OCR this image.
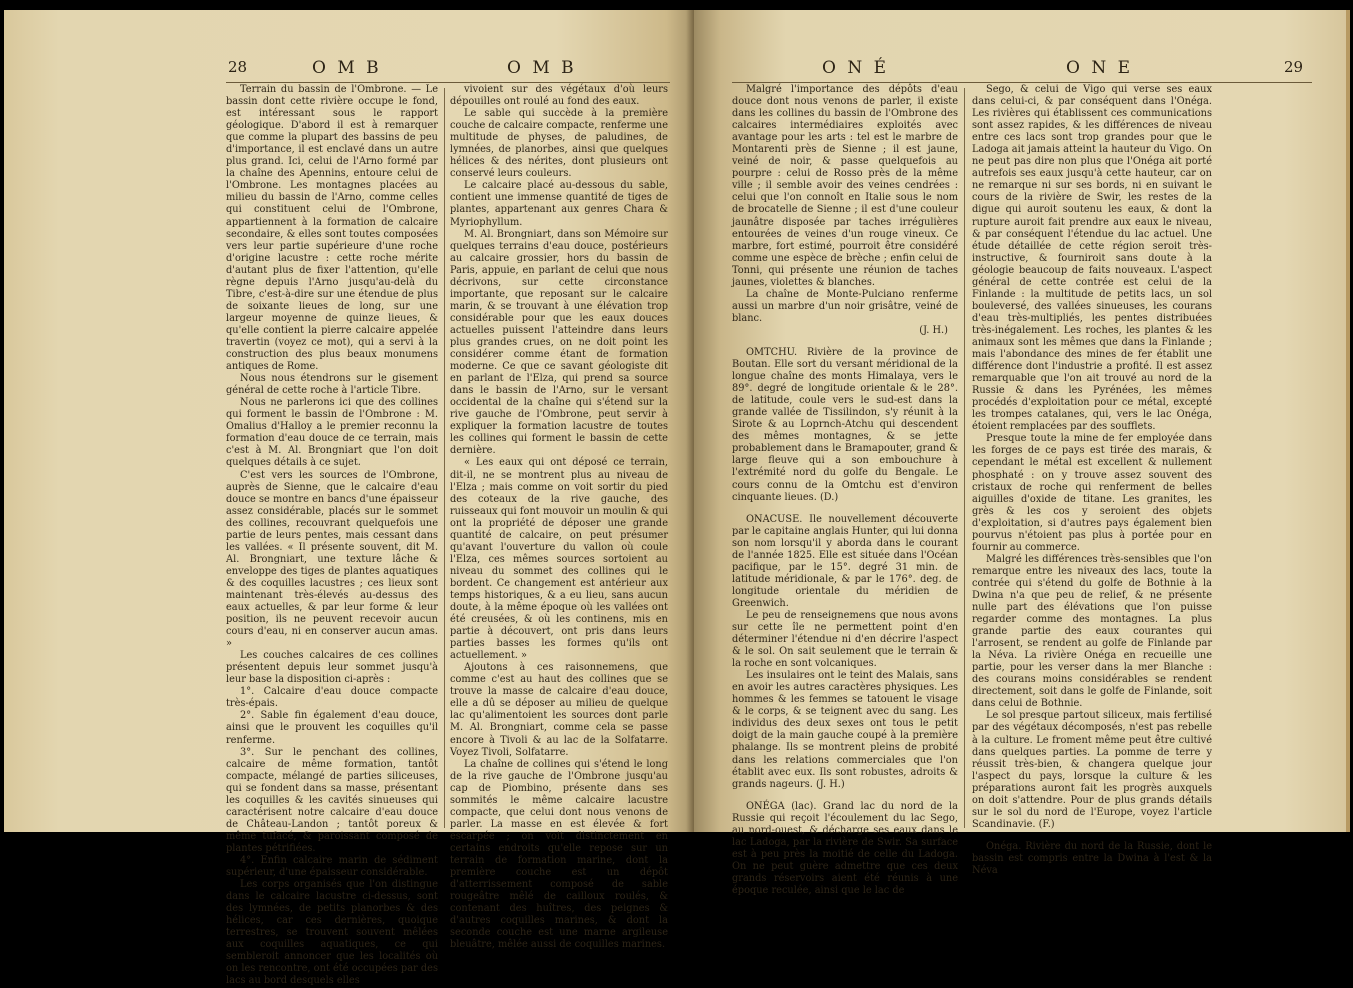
28	O M B	O M B

Terrain du bassin de l'Ombrone. — Le bassin dont cette rivière occupe le fond, est intéressant sous le rapport géologique. D'abord il est à remarquer que comme la plupart des bassins de peu d'importance, il est enclavé dans un autre plus grand. Ici, celui de l'Arno formé par la chaîne des Apennins, entoure celui de l'Ombrone. Les montagnes placées au milieu du bassin de l'Arno, comme celles qui constituent celui de l'Ombrone, appartiennent à la formation de calcaire secondaire, & elles sont toutes composées vers leur partie supérieure d'une roche d'origine lacustre : cette roche mérite d'autant plus de fixer l'attention, qu'elle règne depuis l'Arno jusqu'au-delà du Tibre, c'est-à-dire sur une étendue de plus de soixante lieues de long, sur une largeur moyenne de quinze lieues, & qu'elle contient la pierre calcaire appelée travertin (voyez ce mot), qui a servi à la construction des plus beaux monumens antiques de Rome.

Nous nous étendrons sur le gisement général de cette roche à l'article Tibre.

Nous ne parlerons ici que des collines qui forment le bassin de l'Ombrone : M. Omalius d'Halloy a le premier reconnu la formation d'eau douce de ce terrain, mais c'est à M. Al. Brongniart que l'on doit quelques détails à ce sujet.

C'est vers les sources de l'Ombrone, auprès de Sienne, que le calcaire d'eau douce se montre en bancs d'une épaisseur assez considérable, placés sur le sommet des collines, recouvrant quelquefois une partie de leurs pentes, mais cessant dans les vallées. « Il présente souvent, dit M. Al. Brongniart, une texture lâche & enveloppe des tiges de plantes aquatiques & des coquilles lacustres ; ces lieux sont maintenant très-élevés au-dessus des eaux actuelles, & par leur forme & leur position, ils ne peuvent recevoir aucun cours d'eau, ni en conserver aucun amas. »

Les couches calcaires de ces collines présentent depuis leur sommet jusqu'à leur base la disposition ci-après :

1°. Calcaire d'eau douce compacte très-épais.

2°. Sable fin également d'eau douce, ainsi que le prouvent les coquilles qu'il renferme.

3°. Sur le penchant des collines, calcaire de même formation, tantôt compacte, mélangé de parties siliceuses, qui se fondent dans sa masse, présentant les coquilles & les cavités sinueuses qui caractérisent notre calcaire d'eau douce de Château-Landon ; tantôt poreux & même tufacé, & paroissant composé de plantes pétrifiées.

4°. Enfin calcaire marin de sédiment supérieur, d'une épaisseur considérable.

Les corps organisés que l'on distingue dans le calcaire lacustre ci-dessus, sont des lymnées, de petits planorbes & des hélices, car ces dernières, quoique terrestres, se trouvent souvent mêlées aux coquilles aquatiques, ce qui sembleroit annoncer que les localités où on les rencontre, ont été occupées par des lacs au bord desquels elles

vivoient sur des végétaux d'où leurs dépouilles ont roulé au fond des eaux.

Le sable qui succède à la première couche de calcaire compacte, renferme une multitude de physes, de paludines, de lymnées, de planorbes, ainsi que quelques hélices & des nérites, dont plusieurs ont conservé leurs couleurs.

Le calcaire placé au-dessous du sable, contient une immense quantité de tiges de plantes, appartenant aux genres Chara & Myriophyllum.

M. Al. Brongniart, dans son Mémoire sur quelques terrains d'eau douce, postérieurs au calcaire grossier, hors du bassin de Paris, appuie, en parlant de celui que nous décrivons, sur cette circonstance importante, que reposant sur le calcaire marin, & se trouvant à une élévation trop considérable pour que les eaux douces actuelles puissent l'atteindre dans leurs plus grandes crues, on ne doit point les considérer comme étant de formation moderne. Ce que ce savant géologiste dit en parlant de l'Elza, qui prend sa source dans le bassin de l'Arno, sur le versant occidental de la chaîne qui s'étend sur la rive gauche de l'Ombrone, peut servir à expliquer la formation lacustre de toutes les collines qui forment le bassin de cette dernière.

« Les eaux qui ont déposé ce terrain, dit-il, ne se montrent plus au niveau de l'Elza ; mais comme on voit sortir du pied des coteaux de la rive gauche, des ruisseaux qui font mouvoir un moulin & qui ont la propriété de déposer une grande quantité de calcaire, on peut présumer qu'avant l'ouverture du vallon où coule l'Elza, ces mêmes sources sortoient au niveau du sommet des collines qui le bordent. Ce changement est antérieur aux temps historiques, & a eu lieu, sans aucun doute, à la même époque où les vallées ont été creusées, & où les continens, mis en partie à découvert, ont pris dans leurs parties basses les formes qu'ils ont actuellement. »

Ajoutons à ces raisonnemens, que comme c'est au haut des collines que se trouve la masse de calcaire d'eau douce, elle a dû se déposer au milieu de quelque lac qu'alimentoient les sources dont parle M. Al. Brongniart, comme cela se passe encore à Tivoli & au lac de la Solfatarre. Voyez Tivoli, Solfatarre.

La chaîne de collines qui s'étend le long de la rive gauche de l'Ombrone jusqu'au cap de Piombino, présente dans ses sommités le même calcaire lacustre compacte, que celui dont nous venons de parler. La masse en est élevée & fort escarpée ; on voit distinctement en certains endroits qu'elle repose sur un terrain de formation marine, dont la première couche est un dépôt d'atterrissement composé de sable rougeâtre mêlé de cailloux roulés, & contenant des huîtres, des peignes & d'autres coquilles marines, & dont la seconde couche est une marne argileuse bleuâtre, mêlée aussi de coquilles marines.

O N É	O N E	29

Malgré l'importance des dépôts d'eau douce dont nous venons de parler, il existe dans les collines du bassin de l'Ombrone des calcaires intermédiaires exploités avec avantage pour les arts : tel est le marbre de Montarenti près de Sienne ; il est jaune, veiné de noir, & passe quelquefois au pourpre : celui de Rosso près de la même ville ; il semble avoir des veines cendrées : celui que l'on connoît en Italie sous le nom de brocatelle de Sienne ; il est d'une couleur jaunâtre disposée par taches irrégulières entourées de veines d'un rouge vineux. Ce marbre, fort estimé, pourroit être considéré comme une espèce de brèche ; enfin celui de Tonni, qui présente une réunion de taches jaunes, violettes & blanches.

La chaîne de Monte-Pulciano renferme aussi un marbre d'un noir grisâtre, veiné de blanc.

(J. H.)

OMTCHU. Rivière de la province de Boutan. Elle sort du versant méridional de la longue chaîne des monts Himalaya, vers le 89°. degré de longitude orientale & le 28°. de latitude, coule vers le sud-est dans la grande vallée de Tissilindon, s'y réunit à la Sirote & au Loprnch-Atchu qui descendent des mêmes montagnes, & se jette probablement dans le Bramapouter, grand & large fleuve qui a son embouchure à l'extrémité nord du golfe du Bengale. Le cours connu de la Omtchu est d'environ cinquante lieues. (D.)

ONACUSE. Ile nouvellement découverte par le capitaine anglais Hunter, qui lui donna son nom lorsqu'il y aborda dans le courant de l'année 1825. Elle est située dans l'Océan pacifique, par le 15°. degré 31 min. de latitude méridionale, & par le 176°. deg. de longitude orientale du méridien de Greenwich.

Le peu de renseignemens que nous avons sur cette île ne permettent point d'en déterminer l'étendue ni d'en décrire l'aspect & le sol. On sait seulement que le terrain & la roche en sont volcaniques.

Les insulaires ont le teint des Malais, sans en avoir les autres caractères physiques. Les hommes & les femmes se tatouent le visage & le corps, & se teignent avec du sang. Les individus des deux sexes ont tous le petit doigt de la main gauche coupé à la première phalange. Ils se montrent pleins de probité dans les relations commerciales que l'on établit avec eux. Ils sont robustes, adroits & grands nageurs. (J. H.)

ONÉGA (lac). Grand lac du nord de la Russie qui reçoit l'écoulement du lac Sego, au nord-ouest, & décharge ses eaux dans le lac Ladoga, par la rivière de Swir. Sa surface est à peu près la moitié de celle du Ladoga. On ne peut guère admettre que ces deux grands réservoirs aient été réunis à une époque reculée, ainsi que le lac de

Sego, & celui de Vigo qui verse ses eaux dans celui-ci, & par conséquent dans l'Onéga. Les rivières qui établissent ces communications sont assez rapides, & les différences de niveau entre ces lacs sont trop grandes pour que le Ladoga ait jamais atteint la hauteur du Vigo. On ne peut pas dire non plus que l'Onéga ait porté autrefois ses eaux jusqu'à cette hauteur, car on ne remarque ni sur ses bords, ni en suivant le cours de la rivière de Swir, les restes de la digue qui auroit soutenu les eaux, & dont la rupture auroit fait prendre aux eaux le niveau, & par conséquent l'étendue du lac actuel. Une étude détaillée de cette région seroit très-instructive, & fourniroit sans doute à la géologie beaucoup de faits nouveaux. L'aspect général de cette contrée est celui de la Finlande : la multitude de petits lacs, un sol bouleversé, des vallées sinueuses, les courans d'eau très-multipliés, les pentes distribuées très-inégalement. Les roches, les plantes & les animaux sont les mêmes que dans la Finlande ; mais l'abondance des mines de fer établit une différence dont l'industrie a profité. Il est assez remarquable que l'on ait trouvé au nord de la Russie & dans les Pyrénées, les mêmes procédés d'exploitation pour ce métal, excepté les trompes catalanes, qui, vers le lac Onéga, étoient remplacées par des soufflets.

Presque toute la mine de fer employée dans les forges de ce pays est tirée des marais, & cependant le métal est excellent & nullement phosphaté : on y trouve assez souvent des cristaux de roche qui renferment de belles aiguilles d'oxide de titane. Les granites, les grès & les cos y seroient des objets d'exploitation, si d'autres pays également bien pourvus n'étoient pas plus à portée pour en fournir au commerce.

Malgré les différences très-sensibles que l'on remarque entre les niveaux des lacs, toute la contrée qui s'étend du golfe de Bothnie à la Dwina n'a que peu de relief, & ne présente nulle part des élévations que l'on puisse regarder comme des montagnes. La plus grande partie des eaux courantes qui l'arrosent, se rendent au golfe de Finlande par la Néva. La rivière Onéga en recueille une partie, pour les verser dans la mer Blanche : des courans moins considérables se rendent directement, soit dans le golfe de Finlande, soit dans celui de Bothnie.

Le sol presque partout siliceux, mais fertilisé par des végétaux décomposés, n'est pas rebelle à la culture. Le froment même peut être cultivé dans quelques parties. La pomme de terre y réussit très-bien, & changera quelque jour l'aspect du pays, lorsque la culture & les préparations auront fait les progrès auxquels on doit s'attendre. Pour de plus grands détails sur le sol du nord de l'Europe, voyez l'article Scandinavie. (F.)

Onéga. Rivière du nord de la Russie, dont le bassin est compris entre la Dwina à l'est & la Néva
